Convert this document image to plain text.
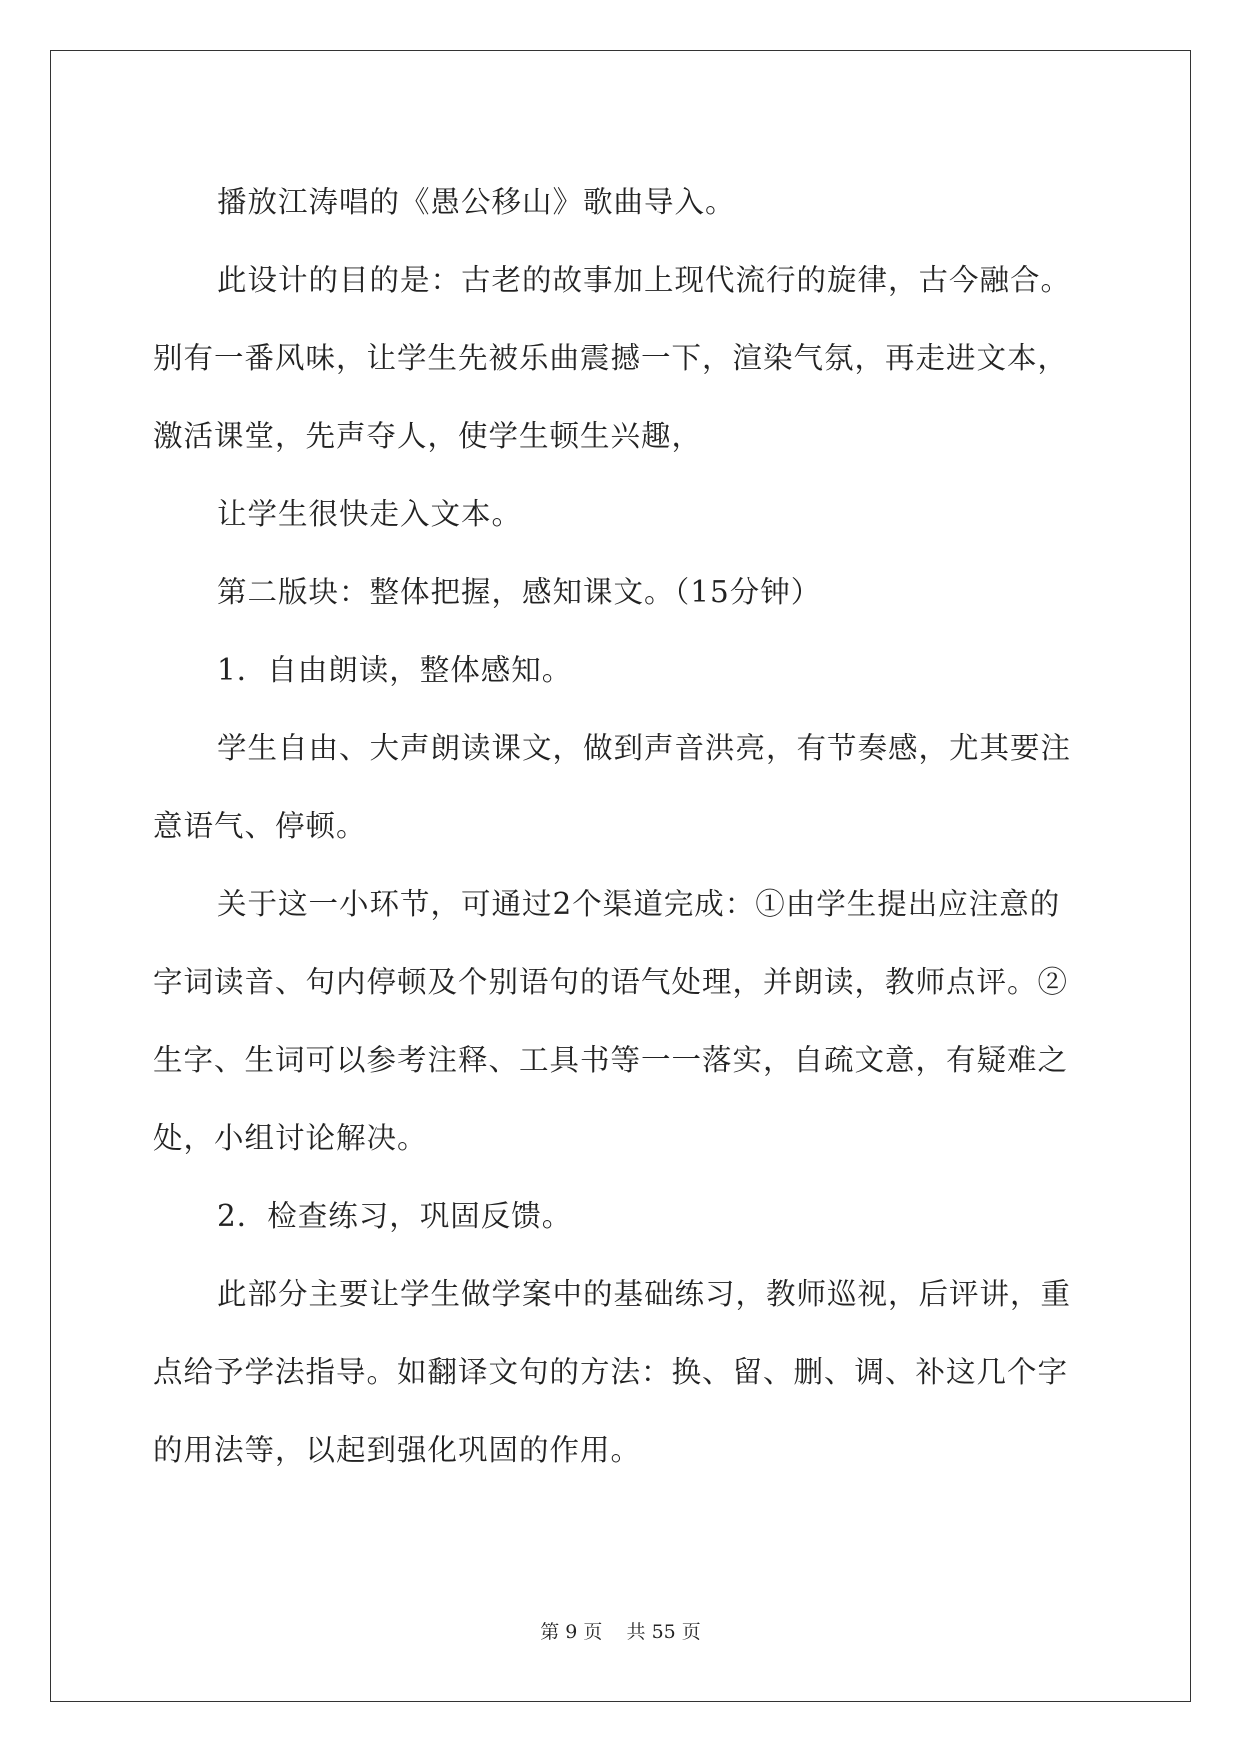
播放江涛唱的《愚公移山》歌曲导入。

此设计的目的是：古老的故事加上现代流行的旋律，古今融合。

别有一番风味，让学生先被乐曲震撼一下，渲染气氛，再走进文本，

激活课堂，先声夺人，使学生顿生兴趣，

让学生很快走入文本。

第二版块：整体把握，感知课文。（15分钟）

1．自由朗读，整体感知。

学生自由、大声朗读课文，做到声音洪亮，有节奏感，尤其要注

意语气、停顿。

关于这一小环节，可通过2个渠道完成：①由学生提出应注意的

字词读音、句内停顿及个别语句的语气处理，并朗读，教师点评。②

生字、生词可以参考注释、工具书等一一落实，自疏文意，有疑难之

处，小组讨论解决。

2．检查练习，巩固反馈。

此部分主要让学生做学案中的基础练习，教师巡视，后评讲，重

点给予学法指导。如翻译文句的方法：换、留、删、调、补这几个字

的用法等，以起到强化巩固的作用。

第 9 页    共 55 页
